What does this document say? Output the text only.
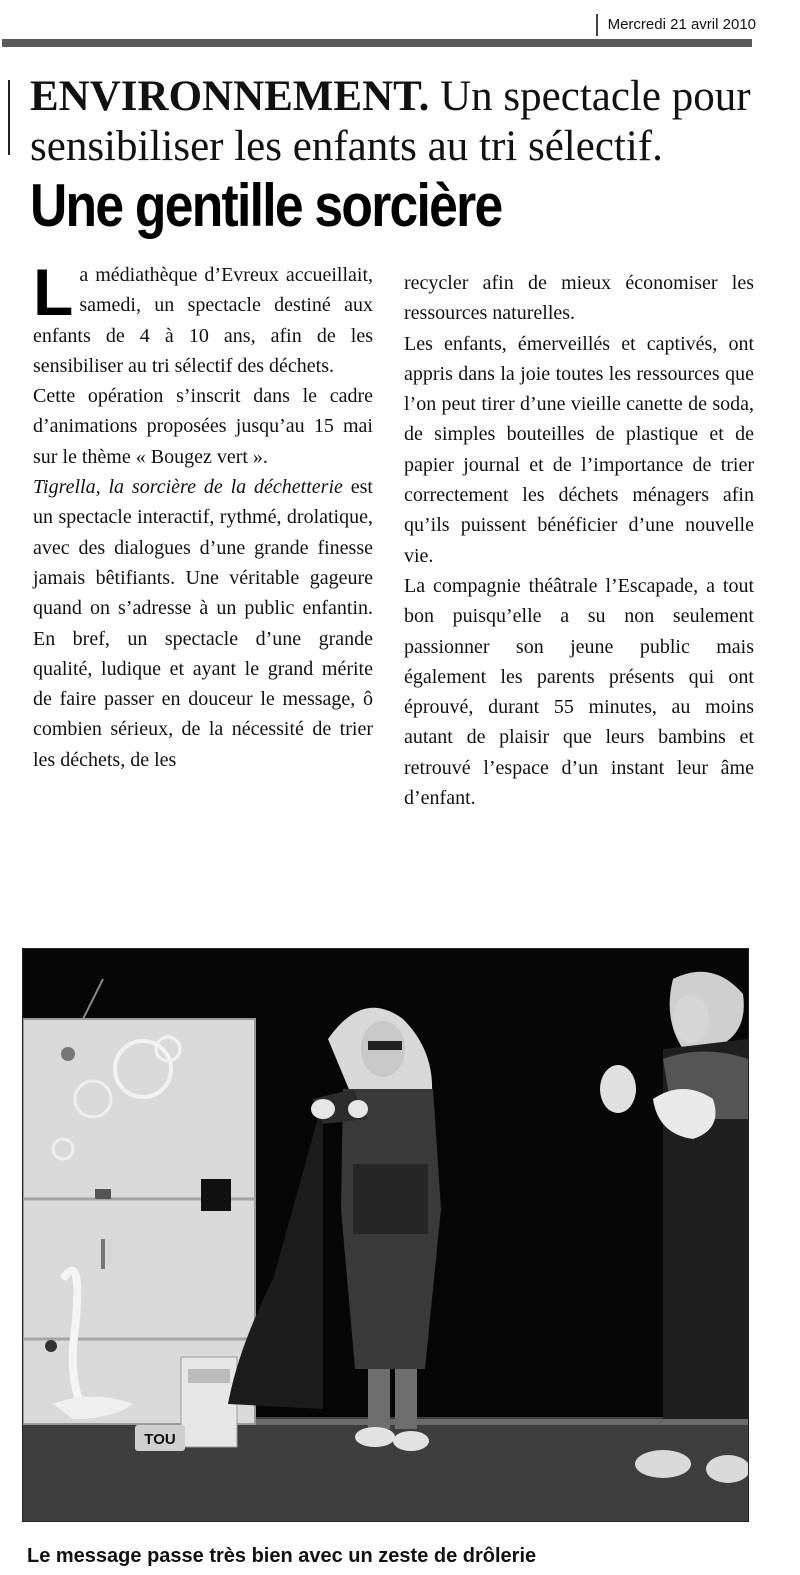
Mercredi 21 avril 2010
ENVIRONNEMENT. Un spectacle pour sensibiliser les enfants au tri sélectif.
Une gentille sorcière

La médiathèque d’Evreux accueillait, samedi, un spectacle destiné aux enfants de 4 à 10 ans, afin de les sensibiliser au tri sélectif des déchets.

Cette opération s’inscrit dans le cadre d’animations proposées jusqu’au 15 mai sur le thème « Bougez vert ».

Tigrella, la sorcière de la déchetterie est un spectacle interactif, rythmé, drolatique, avec des dialogues d’une grande finesse jamais bêtifiants. Une véritable gageure quand on s’adresse à un public enfantin. En bref, un spectacle d’une grande qualité, ludique et ayant le grand mérite de faire passer en douceur le message, ô combien sérieux, de la nécessité de trier les déchets, de les

recycler afin de mieux économiser les ressources naturelles.

Les enfants, émerveillés et captivés, ont appris dans la joie toutes les ressources que l’on peut tirer d’une vieille canette de soda, de simples bouteilles de plastique et de papier journal et de l’importance de trier correctement les déchets ménagers afin qu’ils puissent bénéficier d’une nouvelle vie.

La compagnie théâtrale l’Escapade, a tout bon puisqu’elle a su non seulement passionner son jeune public mais également les parents présents qui ont éprouvé, durant 55 minutes, au moins autant de plaisir que leurs bambins et retrouvé l’espace d’un instant leur âme d’enfant.

TOU
Le message passe très bien avec un zeste de drôlerie
